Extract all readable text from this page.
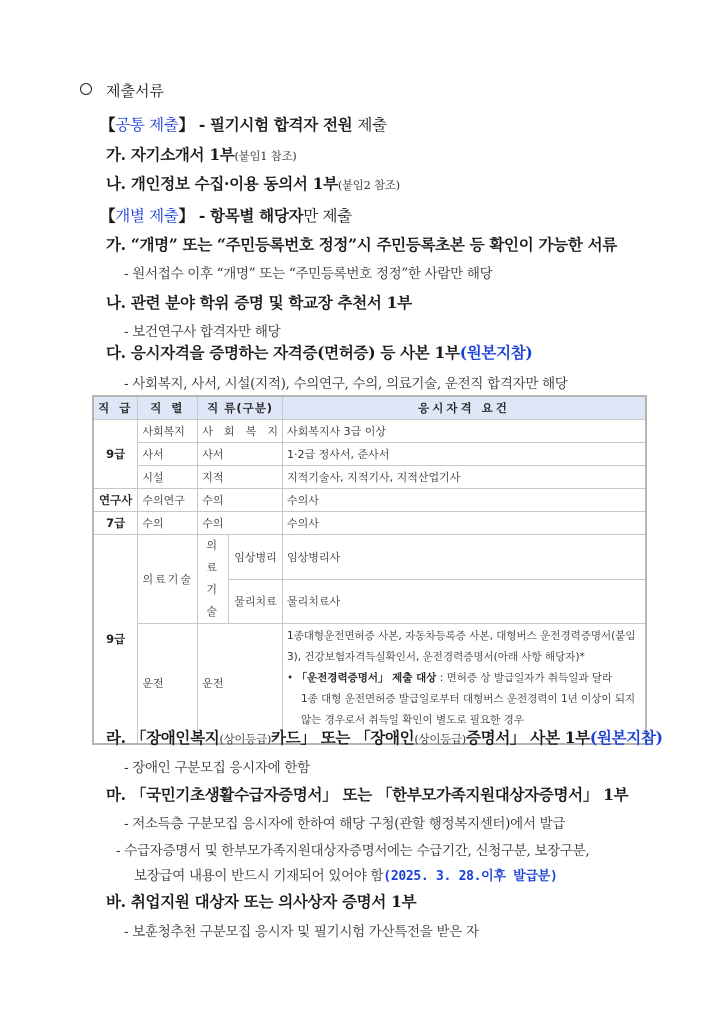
제출서류
【공통 제출】 - 필기시험 합격자 전원 제출
가. 자기소개서 1부(붙임1 참조)
나. 개인정보 수집·이용 동의서 1부(붙임2 참조)
【개별 제출】 - 항목별 해당자만 제출
가. “개명” 또는 “주민등록번호 정정”시 주민등록초본 등 확인이 가능한 서류
- 원서접수 이후 “개명” 또는 “주민등록번호 정정”한 사람만 해당
나. 관련 분야 학위 증명 및 학교장 추천서 1부
- 보건연구사 합격자만 해당
다. 응시자격을 증명하는 자격증(면허증) 등 사본 1부(원본지참)
- 사회복지, 사서, 시설(지적), 수의연구, 수의, 의료기술, 운전직 합격자만 해당
직 급	직 렬	직 류(구분)		응시자격 요건
9급	사회복지	사 회 복 지		사회복지사 3급 이상
	사서	사서		1·2급 정사서, 준사서
	시설	지적		지적기술사, 지적기사, 지적산업기사
연구사	수의연구	수의		수의사
7급	수의	수의		수의사
9급	의료기술	의료기술	임상병리	임상병리사
			물리치료	물리치료사
	운전	운전		1종대형운전면허증 사본, 자동차등록증 사본, 대형버스 운전경력증명서(붙임3), 건강보험자격득실확인서, 운전경력증명서(아래 사항 해당자)*
• 「운전경력증명서」 제출 대상 : 면허증 상 발급일자가 취득일과 달라
1종 대형 운전면허증 발급일로부터 대형버스 운전경력이 1년 이상이 되지 않는 경우로서 취득일 확인이 별도로 필요한 경우
라. 「장애인복지(상이등급)카드」 또는 「장애인(상이등급)증명서」 사본 1부(원본지참)
- 장애인 구분모집 응시자에 한함
마. 「국민기초생활수급자증명서」 또는 「한부모가족지원대상자증명서」 1부
- 저소득층 구분모집 응시자에 한하여 해당 구청(관할 행정복지센터)에서 발급
- 수급자증명서 및 한부모가족지원대상자증명서에는 수급기간, 신청구분, 보장구분,
보장급여 내용이 반드시 기재되어 있어야 함(2025. 3. 28.이후 발급분)
바. 취업지원 대상자 또는 의사상자 증명서 1부
- 보훈청추천 구분모집 응시자 및 필기시험 가산특전을 받은 자
